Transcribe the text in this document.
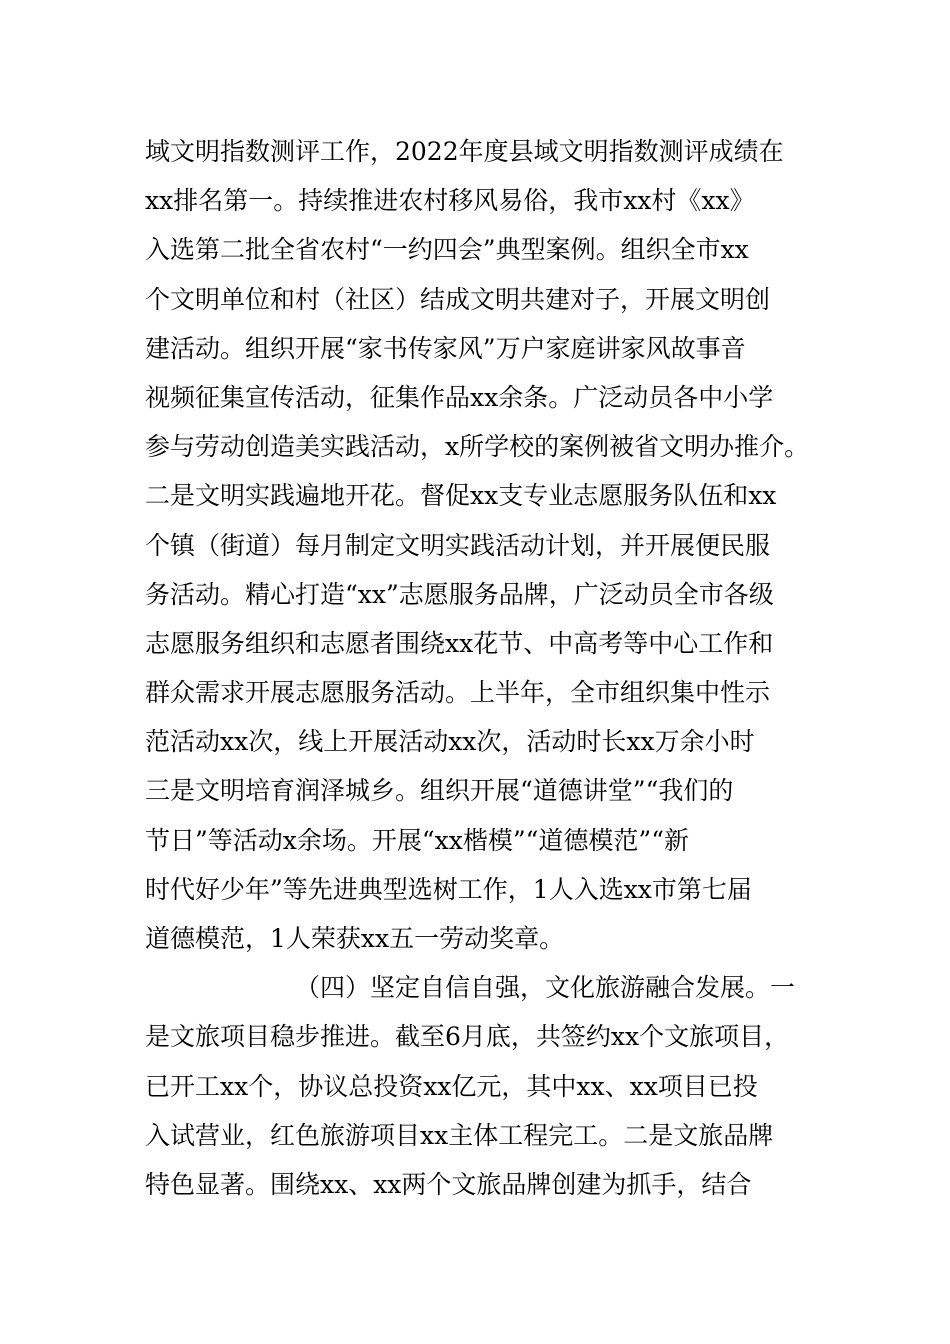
域文明指数测评工作，2022年度县域文明指数测评成绩在
xx排名第一。持续推进农村移风易俗，我市xx村《xx》
入选第二批全省农村“一约四会”典型案例。组织全市xx
个文明单位和村（社区）结成文明共建对子，开展文明创
建活动。组织开展“家书传家风”万户家庭讲家风故事音
视频征集宣传活动，征集作品xx余条。广泛动员各中小学
参与劳动创造美实践活动，x所学校的案例被省文明办推介。
二是文明实践遍地开花。督促xx支专业志愿服务队伍和xx
个镇（街道）每月制定文明实践活动计划，并开展便民服
务活动。精心打造“xx”志愿服务品牌，广泛动员全市各级
志愿服务组织和志愿者围绕xx花节、中高考等中心工作和
群众需求开展志愿服务活动。上半年，全市组织集中性示
范活动xx次，线上开展活动xx次，活动时长xx万余小时
三是文明培育润泽城乡。组织开展“道德讲堂”“我们的
节日”等活动x余场。开展“xx楷模”“道德模范”“新
时代好少年”等先进典型选树工作，1人入选xx市第七届
道德模范，1人荣获xx五一劳动奖章。
（四）坚定自信自强，文化旅游融合发展。一
是文旅项目稳步推进。截至6月底，共签约xx个文旅项目，
已开工xx个，协议总投资xx亿元，其中xx、xx项目已投
入试营业，红色旅游项目xx主体工程完工。二是文旅品牌
特色显著。围绕xx、xx两个文旅品牌创建为抓手，结合
